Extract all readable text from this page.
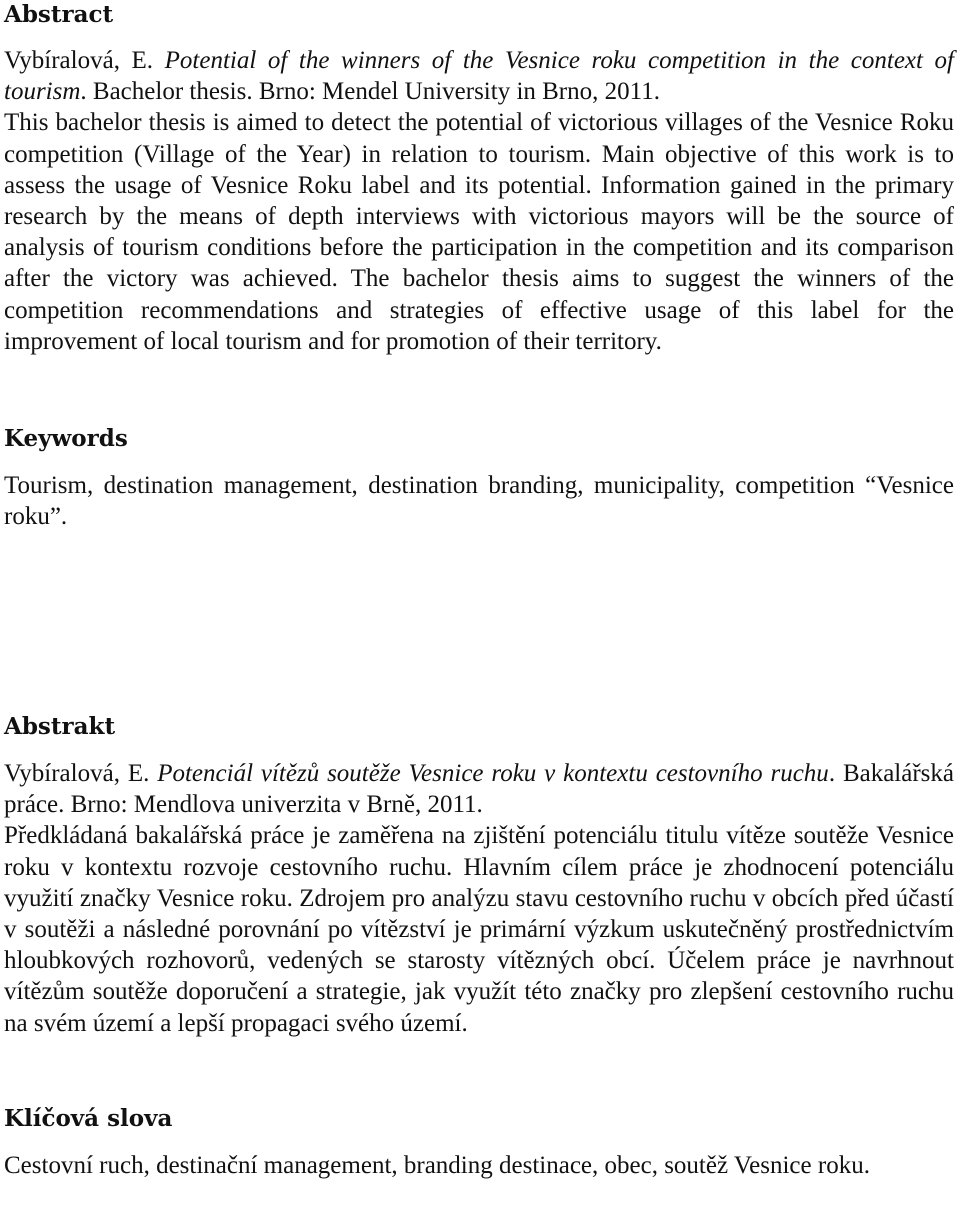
Abstract

Vybíralová, E. Potential of the winners of the Vesnice roku competition in the context of tourism. Bachelor thesis. Brno: Mendel University in Brno, 2011.

This bachelor thesis is aimed to detect the potential of victorious villages of the Vesnice Roku competition (Village of the Year) in relation to tourism. Main objective of this work is to assess the usage of Vesnice Roku label and its potential. Information gained in the primary research by the means of depth interviews with victorious mayors will be the source of analysis of tourism conditions before the participation in the competition and its comparison after the victory was achieved. The bachelor thesis aims to suggest the winners of the competition recommendations and strategies of effective usage of this label for the improvement of local tourism and for promotion of their territory.

Keywords

Tourism, destination management, destination branding, municipality, competition “Vesnice roku”.

Abstrakt

Vybíralová, E. Potenciál vítězů soutěže Vesnice roku v kontextu cestovního ruchu. Bakalářská práce. Brno: Mendlova univerzita v Brně, 2011.

Předkládaná bakalářská práce je zaměřena na zjištění potenciálu titulu vítěze soutěže Vesnice roku v kontextu rozvoje cestovního ruchu. Hlavním cílem práce je zhodnocení potenciálu využití značky Vesnice roku. Zdrojem pro analýzu stavu cestovního ruchu v obcích před účastí v soutěži a následné porovnání po vítězství je primární výzkum uskutečněný prostřednictvím hloubkových rozhovorů, vedených se starosty vítězných obcí. Účelem práce je navrhnout vítězům soutěže doporučení a strategie, jak využít této značky pro zlepšení cestovního ruchu na svém území a lepší propagaci svého území.

Klíčová slova

Cestovní ruch, destinační management, branding destinace, obec, soutěž Vesnice roku.
